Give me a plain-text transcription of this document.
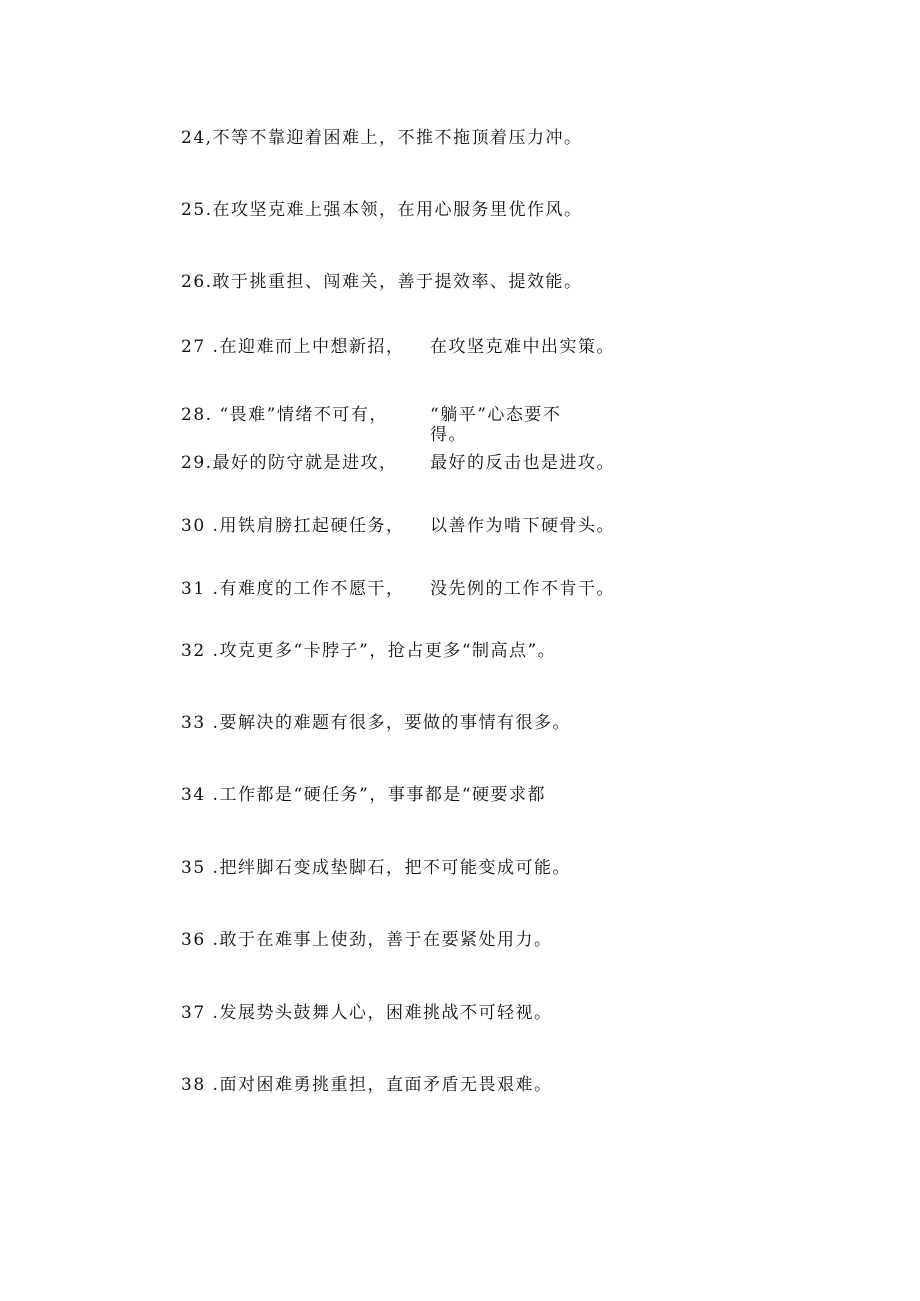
24,不等不靠迎着困难上，不推不拖顶着压力冲。
25.在攻坚克难上强本领，在用心服务里优作风。
26.敢于挑重担、闯难关，善于提效率、提效能。
27 .在迎难而上中想新招， 在攻坚克难中出实策。
28. “畏难”情绪不可有， “躺平”心态要不
得。
29.最好的防守就是进攻， 最好的反击也是进攻。
30 .用铁肩膀扛起硬任务， 以善作为啃下硬骨头。
31 .有难度的工作不愿干， 没先例的工作不肯干。
32 .攻克更多“卡脖子”，抢占更多“制高点”。
33 .要解决的难题有很多，要做的事情有很多。
34 .工作都是“硬任务”，事事都是“硬要求都
35 .把绊脚石变成垫脚石，把不可能变成可能。
36 .敢于在难事上使劲，善于在要紧处用力。
37 .发展势头鼓舞人心，困难挑战不可轻视。
38 .面对困难勇挑重担，直面矛盾无畏艰难。
